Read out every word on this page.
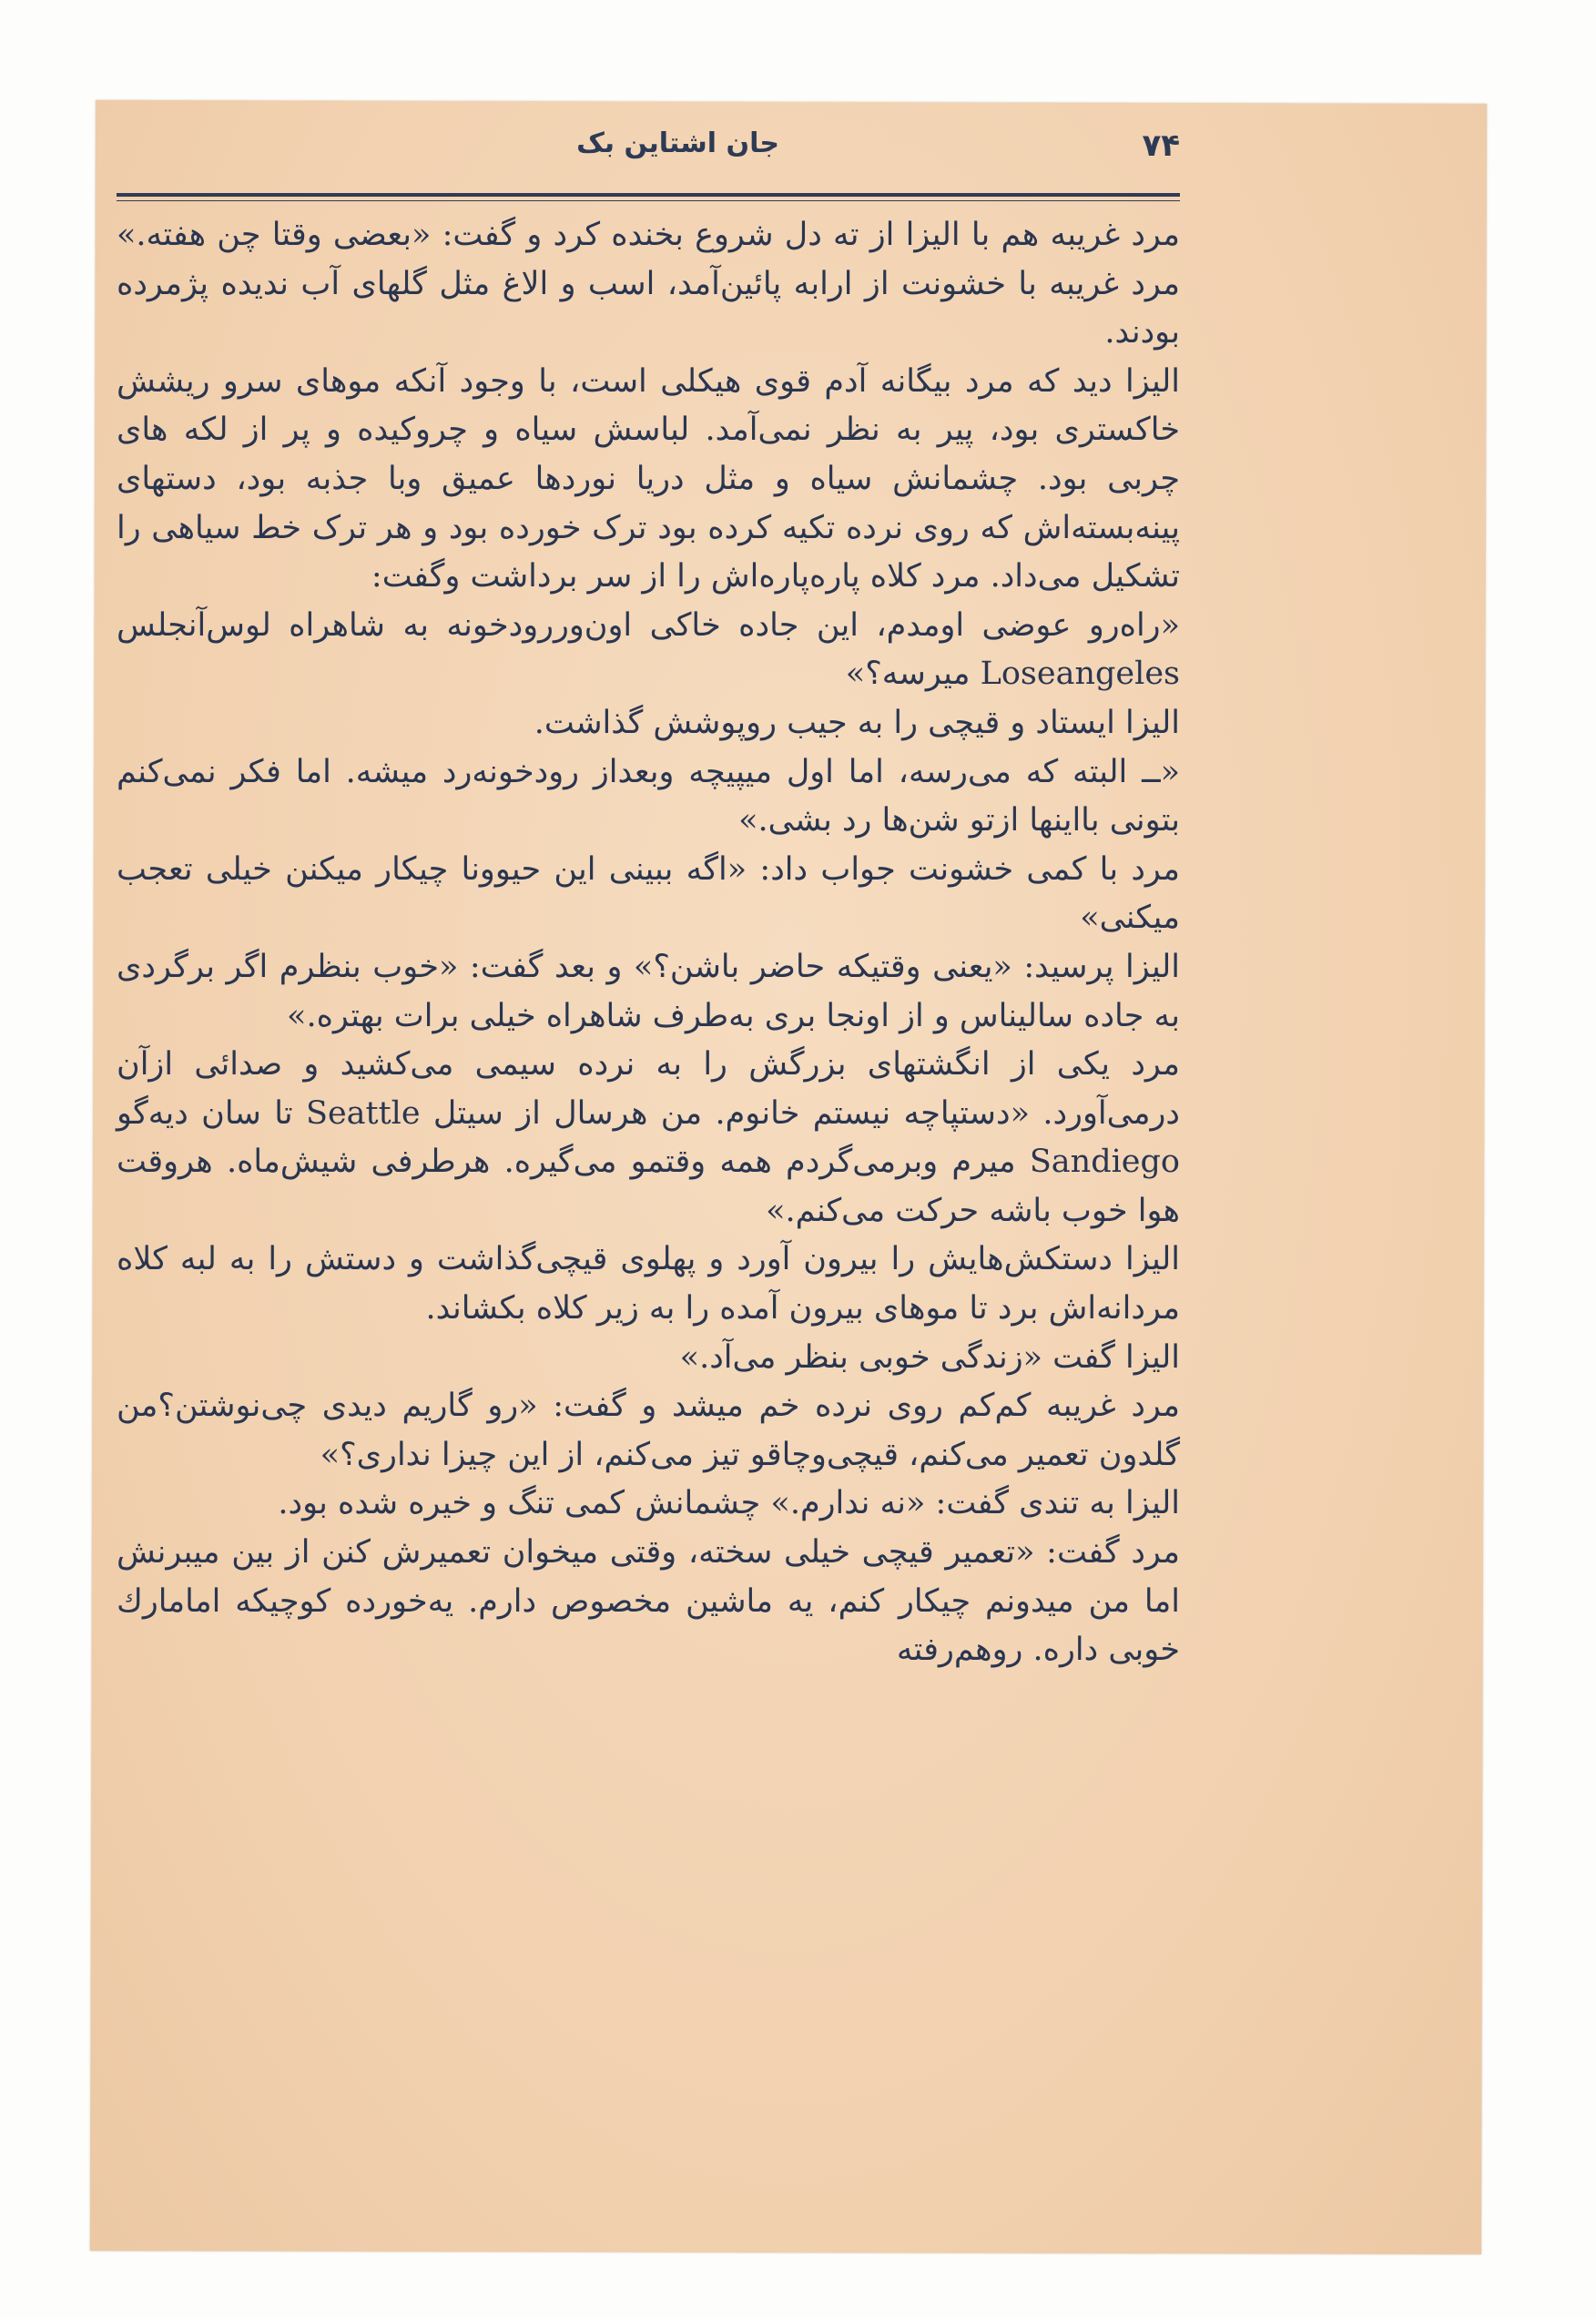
۷۴
جان اشتاین بک

مرد غریبه هم با الیزا از ته دل شروع بخنده کرد و گفت: «بعضی وقتا چن هفته.» مرد غریبه با خشونت از ارابه پائین‌آمد، اسب و الاغ مثل گلهای آب ندیده پژمرده بودند.

الیزا دید که مرد بیگانه آدم قوی هیکلی است، با وجود آنکه موهای سرو ریشش خاکستری بود، پیر به نظر نمی‌آمد. لباسش سیاه و چروکیده و پر از لکه های چربی بود. چشمانش سیاه و مثل دریا نوردها عمیق وبا جذبه بود، دستهای پینه‌بسته‌اش که روی نرده تکیه کرده بود ترک خورده بود و هر ترک خط سیاهی را تشکیل می‌داد. مرد کلاه پاره‌پاره‌اش را از سر برداشت وگفت:

«راه‌رو عوضی اومدم، این جاده خاکی اون‌وررودخونه به شاهراه لوس‌آنجلس Loseangeles میرسه؟»

الیزا ایستاد و قیچی را به جیب روپوشش گذاشت.

«ــ البته که می‌رسه، اما اول میپیچه وبعداز رودخونه‌رد میشه. اما فکر نمی‌کنم بتونی بااینها ازتو شن‌ها رد بشی.»

مرد با کمی خشونت جواب داد: «اگه ببینی این حیوونا چیکار میکنن خیلی تعجب میکنی»

الیزا پرسید: «یعنی وقتیکه حاضر باشن؟» و بعد گفت: «خوب بنظرم اگر برگردی به جاده سالیناس و از اونجا بری به‌طرف شاهراه خیلی برات بهتره.»

مرد یکی از انگشتهای بزرگش را به نرده سیمی می‌کشید و صدائی ازآن درمی‌آورد. «دستپاچه نیستم خانوم. من هرسال از سیتل Seattle تا سان دیه‌گو Sandiego میرم وبرمی‌گردم همه وقتمو می‌گیره. هرطرفی شیش‌ماه. هروقت هوا خوب باشه حرکت می‌کنم.»

الیزا دستکش‌هایش را بیرون آورد و پهلوی قیچی‌گذاشت و دستش را به لبه کلاه مردانه‌اش برد تا موهای بیرون آمده را به زیر کلاه بکشاند.

الیزا گفت «زندگی خوبی بنظر می‌آد.»

مرد غریبه کم‌کم روی نرده خم میشد و گفت: «رو گاریم دیدی چی‌نوشتن؟من گلدون تعمیر می‌کنم، قیچی‌وچاقو تیز می‌کنم، از این چیزا نداری؟»

الیزا به تندی گفت: «نه ندارم.» چشمانش کمی تنگ و خیره شده بود.

مرد گفت: «تعمیر قیچی خیلی سخته، وقتی میخوان تعمیرش کنن از بین میبرنش اما من میدونم چیکار کنم، یه ماشین مخصوص دارم. یه‌خورده کوچیکه امامارك خوبی داره. روهم‌رفته
